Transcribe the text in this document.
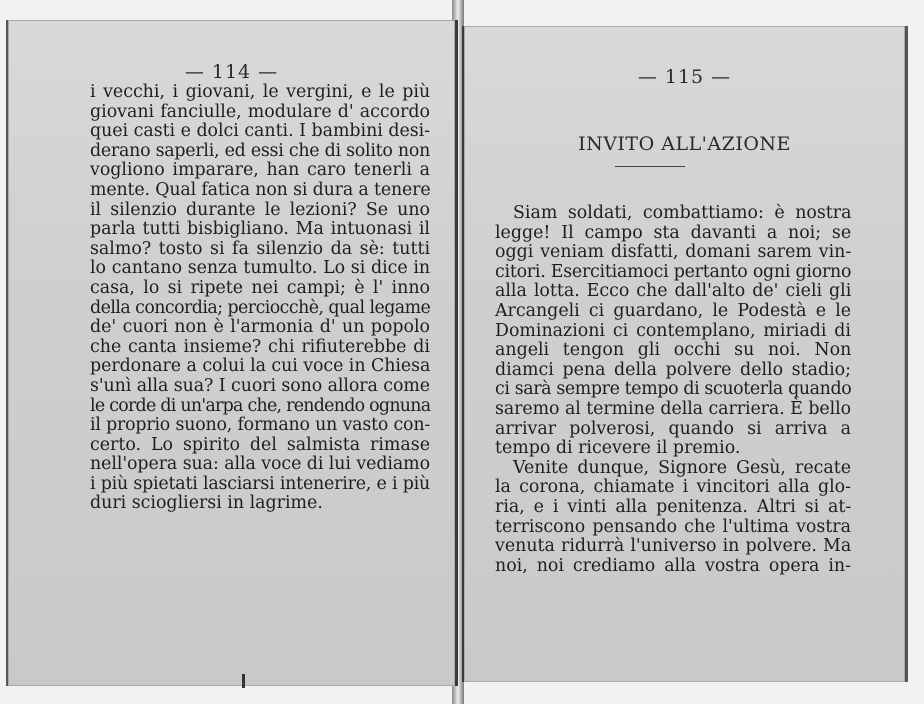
— 114 —
i vecchi, i giovani, le vergini, e le più
giovani fanciulle, modulare d' accordo
quei casti e dolci canti. I bambini desi-
derano saperli, ed essi che di solito non
vogliono imparare, han caro tenerli a
mente. Qual fatica non si dura a tenere
il silenzio durante le lezioni? Se uno
parla tutti bisbigliano. Ma intuonasi il
salmo? tosto si fa silenzio da sè: tutti
lo cantano senza tumulto. Lo si dice in
casa, lo si ripete nei campi; è l' inno
della concordia; perciocchè, qual legame
de' cuori non è l'armonia d' un popolo
che canta insieme? chi rifiuterebbe di
perdonare a colui la cui voce in Chiesa
s'unì alla sua? I cuori sono allora come
le corde di un'arpa che, rendendo ognuna
il proprio suono, formano un vasto con-
certo. Lo spirito del salmista rimase
nell'opera sua: alla voce di lui vediamo
i più spietati lasciarsi intenerire, e i più
duri sciogliersi in lagrime.
— 115 —
INVITO ALL'AZIONE
Siam soldati, combattiamo: è nostra
legge! Il campo sta davanti a noi; se
oggi veniam disfatti, domani sarem vin-
citori. Esercitiamoci pertanto ogni giorno
alla lotta. Ecco che dall'alto de' cieli gli
Arcangeli ci guardano, le Podestà e le
Dominazioni ci contemplano, miriadi di
angeli tengon gli occhi su noi. Non
diamci pena della polvere dello stadio;
ci sarà sempre tempo di scuoterla quando
saremo al termine della carriera. È bello
arrivar polverosi, quando si arriva a
tempo di ricevere il premio.
Venite dunque, Signore Gesù, recate
la corona, chiamate i vincitori alla glo-
ria, e i vinti alla penitenza. Altri si at-
terriscono pensando che l'ultima vostra
venuta ridurrà l'universo in polvere. Ma
noi, noi crediamo alla vostra opera in-
